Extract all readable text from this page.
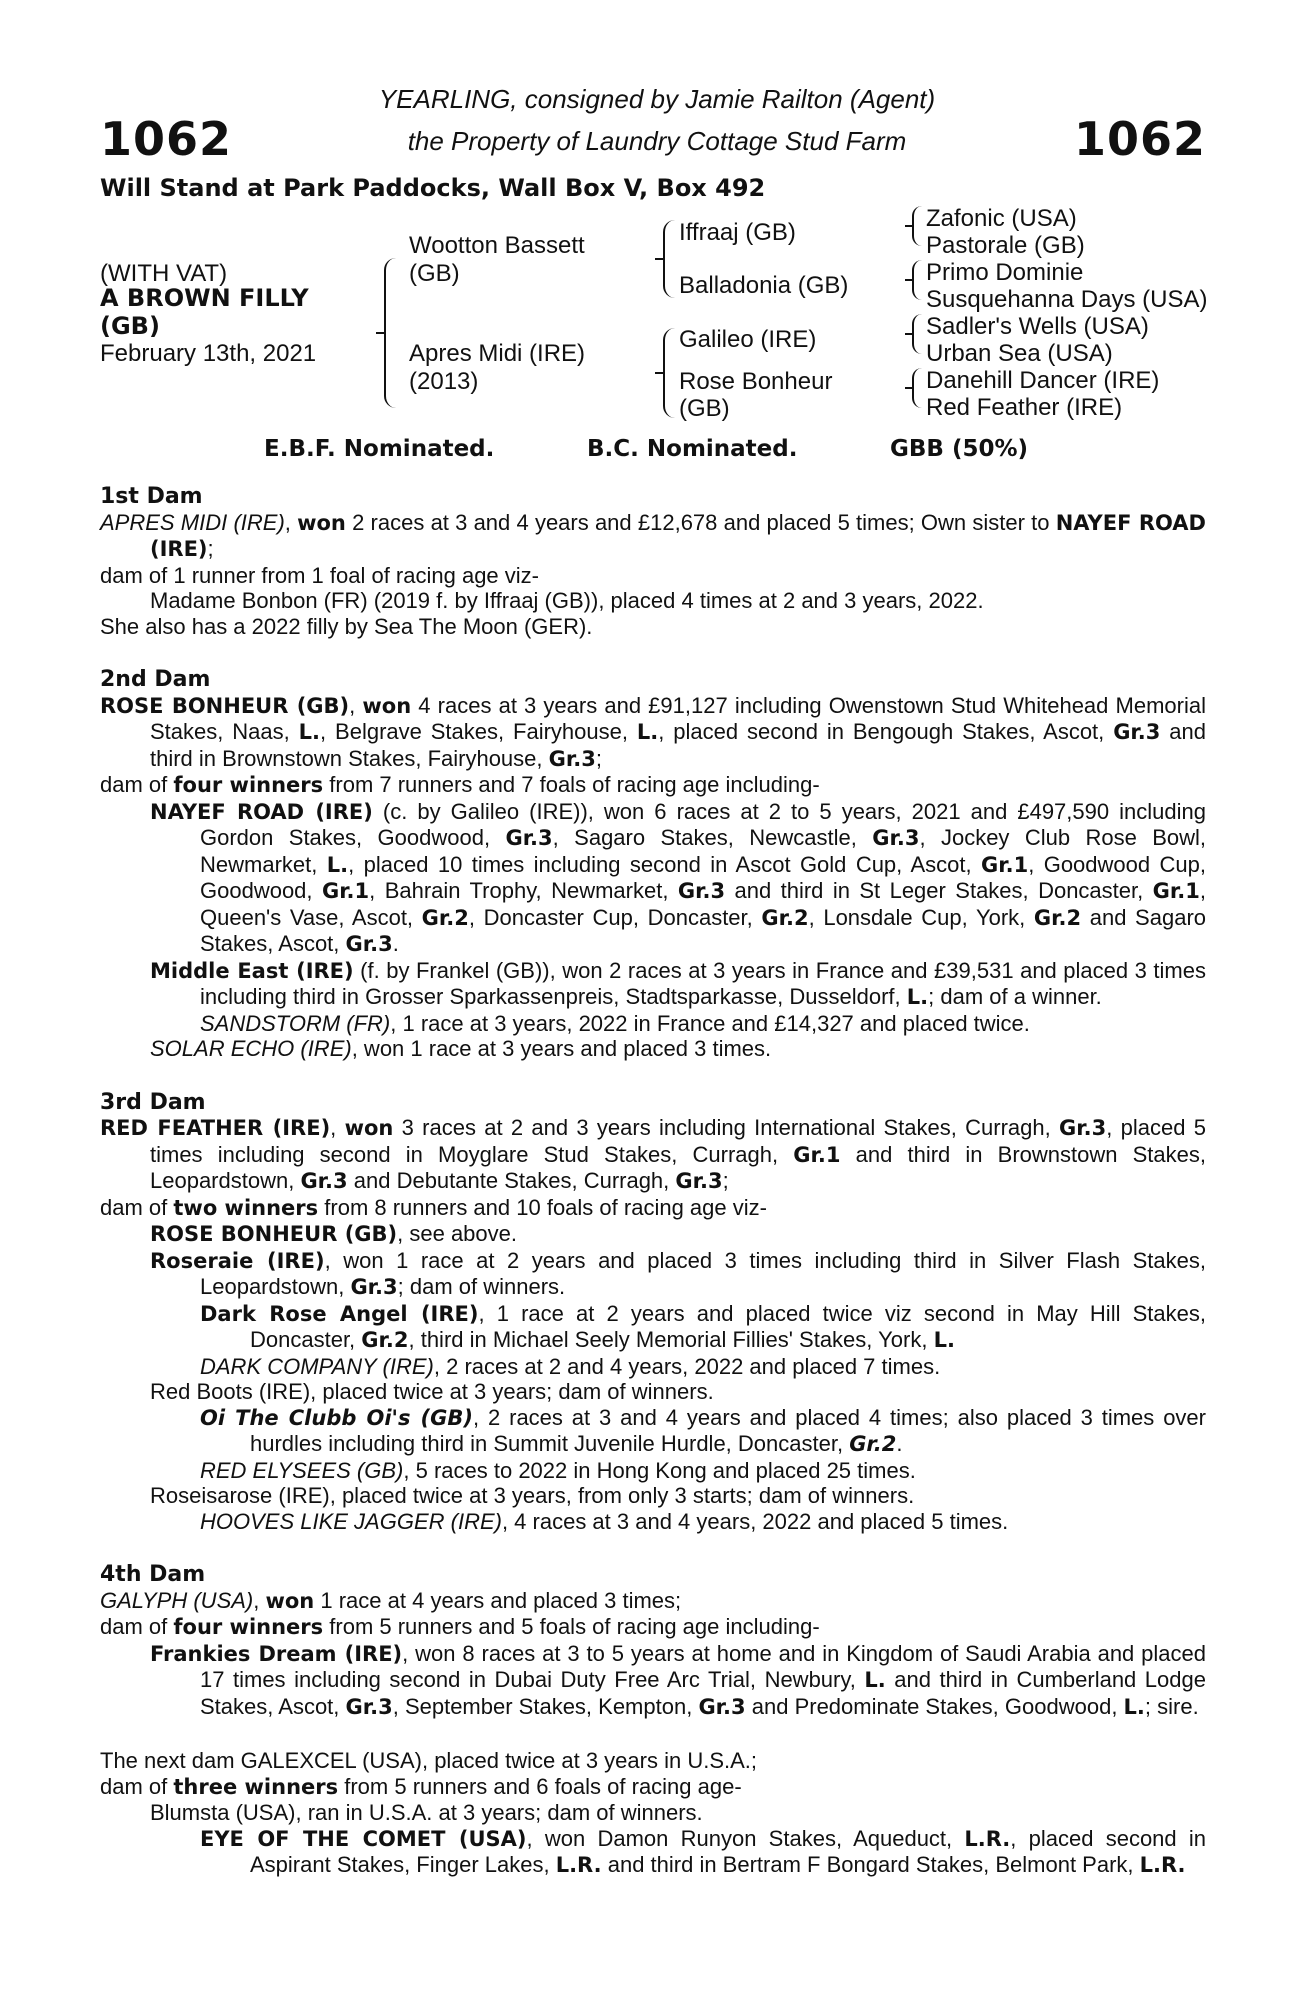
1062	1062
YEARLING, consigned by Jamie Railton (Agent)
the Property of Laundry Cottage Stud Farm
Will Stand at Park Paddocks, Wall Box V, Box 492
(WITH VAT)
A BROWN FILLY
(GB)
February 13th, 2021
Wootton Bassett
(GB)
Apres Midi (IRE)
(2013)
Iffraaj (GB)
Balladonia (GB)
Galileo (IRE)
Rose Bonheur
(GB)
Zafonic (USA)
Pastorale (GB)
Primo Dominie
Susquehanna Days (USA)
Sadler's Wells (USA)
Urban Sea (USA)
Danehill Dancer (IRE)
Red Feather (IRE)
E.B.F. Nominated.	B.C. Nominated.	GBB (50%)
1st Dam

APRES MIDI (IRE), won 2 races at 3 and 4 years and £12,678 and placed 5 times; Own sister to NAYEF ROAD (IRE);

dam of 1 runner from 1 foal of racing age viz-

Madame Bonbon (FR) (2019 f. by Iffraaj (GB)), placed 4 times at 2 and 3 years, 2022.

She also has a 2022 filly by Sea The Moon (GER).

2nd Dam

ROSE BONHEUR (GB), won 4 races at 3 years and £91,127 including Owenstown Stud Whitehead Memorial Stakes, Naas, L., Belgrave Stakes, Fairyhouse, L., placed second in Bengough Stakes, Ascot, Gr.3 and third in Brownstown Stakes, Fairyhouse, Gr.3;

dam of four winners from 7 runners and 7 foals of racing age including-

NAYEF ROAD (IRE) (c. by Galileo (IRE)), won 6 races at 2 to 5 years, 2021 and £497,590 including Gordon Stakes, Goodwood, Gr.3, Sagaro Stakes, Newcastle, Gr.3, Jockey Club Rose Bowl, Newmarket, L., placed 10 times including second in Ascot Gold Cup, Ascot, Gr.1, Goodwood Cup, Goodwood, Gr.1, Bahrain Trophy, Newmarket, Gr.3 and third in St Leger Stakes, Doncaster, Gr.1, Queen's Vase, Ascot, Gr.2, Doncaster Cup, Doncaster, Gr.2, Lonsdale Cup, York, Gr.2 and Sagaro Stakes, Ascot, Gr.3.

Middle East (IRE) (f. by Frankel (GB)), won 2 races at 3 years in France and £39,531 and placed 3 times including third in Grosser Sparkassenpreis, Stadtsparkasse, Dusseldorf, L.; dam of a winner.

SANDSTORM (FR), 1 race at 3 years, 2022 in France and £14,327 and placed twice.

SOLAR ECHO (IRE), won 1 race at 3 years and placed 3 times.

3rd Dam

RED FEATHER (IRE), won 3 races at 2 and 3 years including International Stakes, Curragh, Gr.3, placed 5 times including second in Moyglare Stud Stakes, Curragh, Gr.1 and third in Brownstown Stakes, Leopardstown, Gr.3 and Debutante Stakes, Curragh, Gr.3;

dam of two winners from 8 runners and 10 foals of racing age viz-

ROSE BONHEUR (GB), see above.

Roseraie (IRE), won 1 race at 2 years and placed 3 times including third in Silver Flash Stakes, Leopardstown, Gr.3; dam of winners.

Dark Rose Angel (IRE), 1 race at 2 years and placed twice viz second in May Hill Stakes, Doncaster, Gr.2, third in Michael Seely Memorial Fillies' Stakes, York, L.

DARK COMPANY (IRE), 2 races at 2 and 4 years, 2022 and placed 7 times.

Red Boots (IRE), placed twice at 3 years; dam of winners.

Oi The Clubb Oi's (GB), 2 races at 3 and 4 years and placed 4 times; also placed 3 times over hurdles including third in Summit Juvenile Hurdle, Doncaster, Gr.2.

RED ELYSEES (GB), 5 races to 2022 in Hong Kong and placed 25 times.

Roseisarose (IRE), placed twice at 3 years, from only 3 starts; dam of winners.

HOOVES LIKE JAGGER (IRE), 4 races at 3 and 4 years, 2022 and placed 5 times.

4th Dam

GALYPH (USA), won 1 race at 4 years and placed 3 times;

dam of four winners from 5 runners and 5 foals of racing age including-

Frankies Dream (IRE), won 8 races at 3 to 5 years at home and in Kingdom of Saudi Arabia and placed 17 times including second in Dubai Duty Free Arc Trial, Newbury, L. and third in Cumberland Lodge Stakes, Ascot, Gr.3, September Stakes, Kempton, Gr.3 and Predominate Stakes, Goodwood, L.; sire.

The next dam GALEXCEL (USA), placed twice at 3 years in U.S.A.;

dam of three winners from 5 runners and 6 foals of racing age-

Blumsta (USA), ran in U.S.A. at 3 years; dam of winners.

EYE OF THE COMET (USA), won Damon Runyon Stakes, Aqueduct, L.R., placed second in Aspirant Stakes, Finger Lakes, L.R. and third in Bertram F Bongard Stakes, Belmont Park, L.R.
